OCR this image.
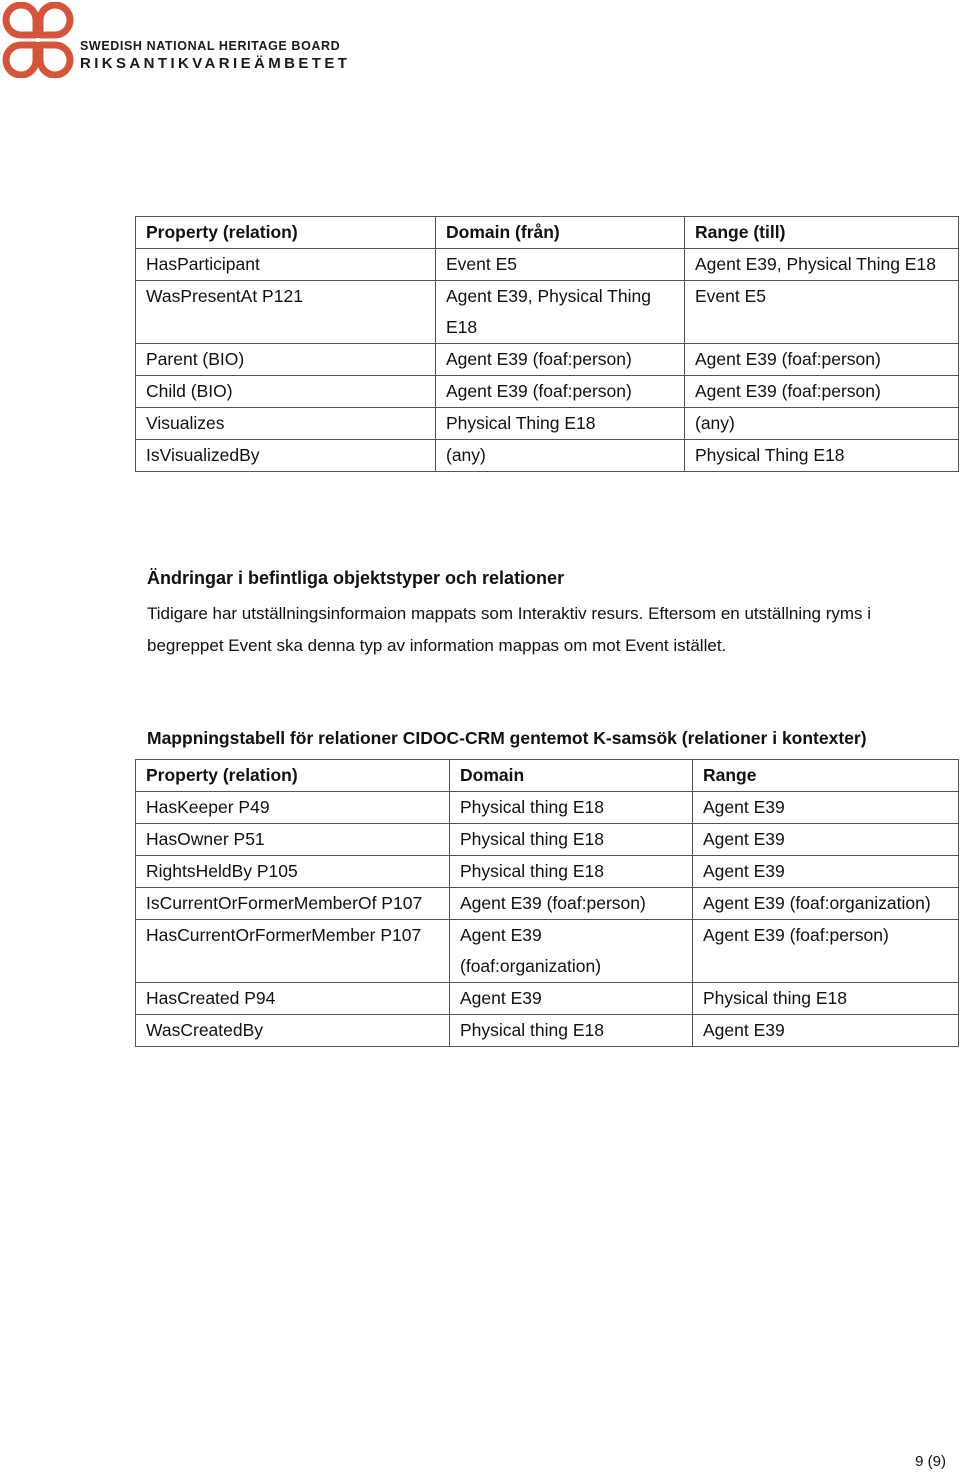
SWEDISH NATIONAL HERITAGE BOARD
RIKSANTIKVARIEÄMBETET
Property (relation)	Domain (från)	Range (till)
HasParticipant	Event E5	Agent E39, Physical Thing E18
WasPresentAt P121	Agent E39, Physical Thing E18	Event E5
Parent (BIO)	Agent E39 (foaf:person)	Agent E39 (foaf:person)
Child (BIO)	Agent E39 (foaf:person)	Agent E39 (foaf:person)
Visualizes	Physical Thing E18	(any)
IsVisualizedBy	(any)	Physical Thing E18
Ändringar i befintliga objektstyper och relationer
Tidigare har utställningsinformaion mappats som Interaktiv resurs. Eftersom en utställning ryms i begreppet Event ska denna typ av information mappas om mot Event istället.
Mappningstabell för relationer CIDOC-CRM gentemot K-samsök (relationer i kontexter)
Property (relation)	Domain	Range
HasKeeper P49	Physical thing E18	Agent E39
HasOwner P51	Physical thing E18	Agent E39
RightsHeldBy P105	Physical thing E18	Agent E39
IsCurrentOrFormerMemberOf P107	Agent E39 (foaf:person)	Agent E39 (foaf:organization)
HasCurrentOrFormerMember P107	Agent E39 (foaf:organization)	Agent E39 (foaf:person)
HasCreated P94	Agent E39	Physical thing E18
WasCreatedBy	Physical thing E18	Agent E39
9 (9)
